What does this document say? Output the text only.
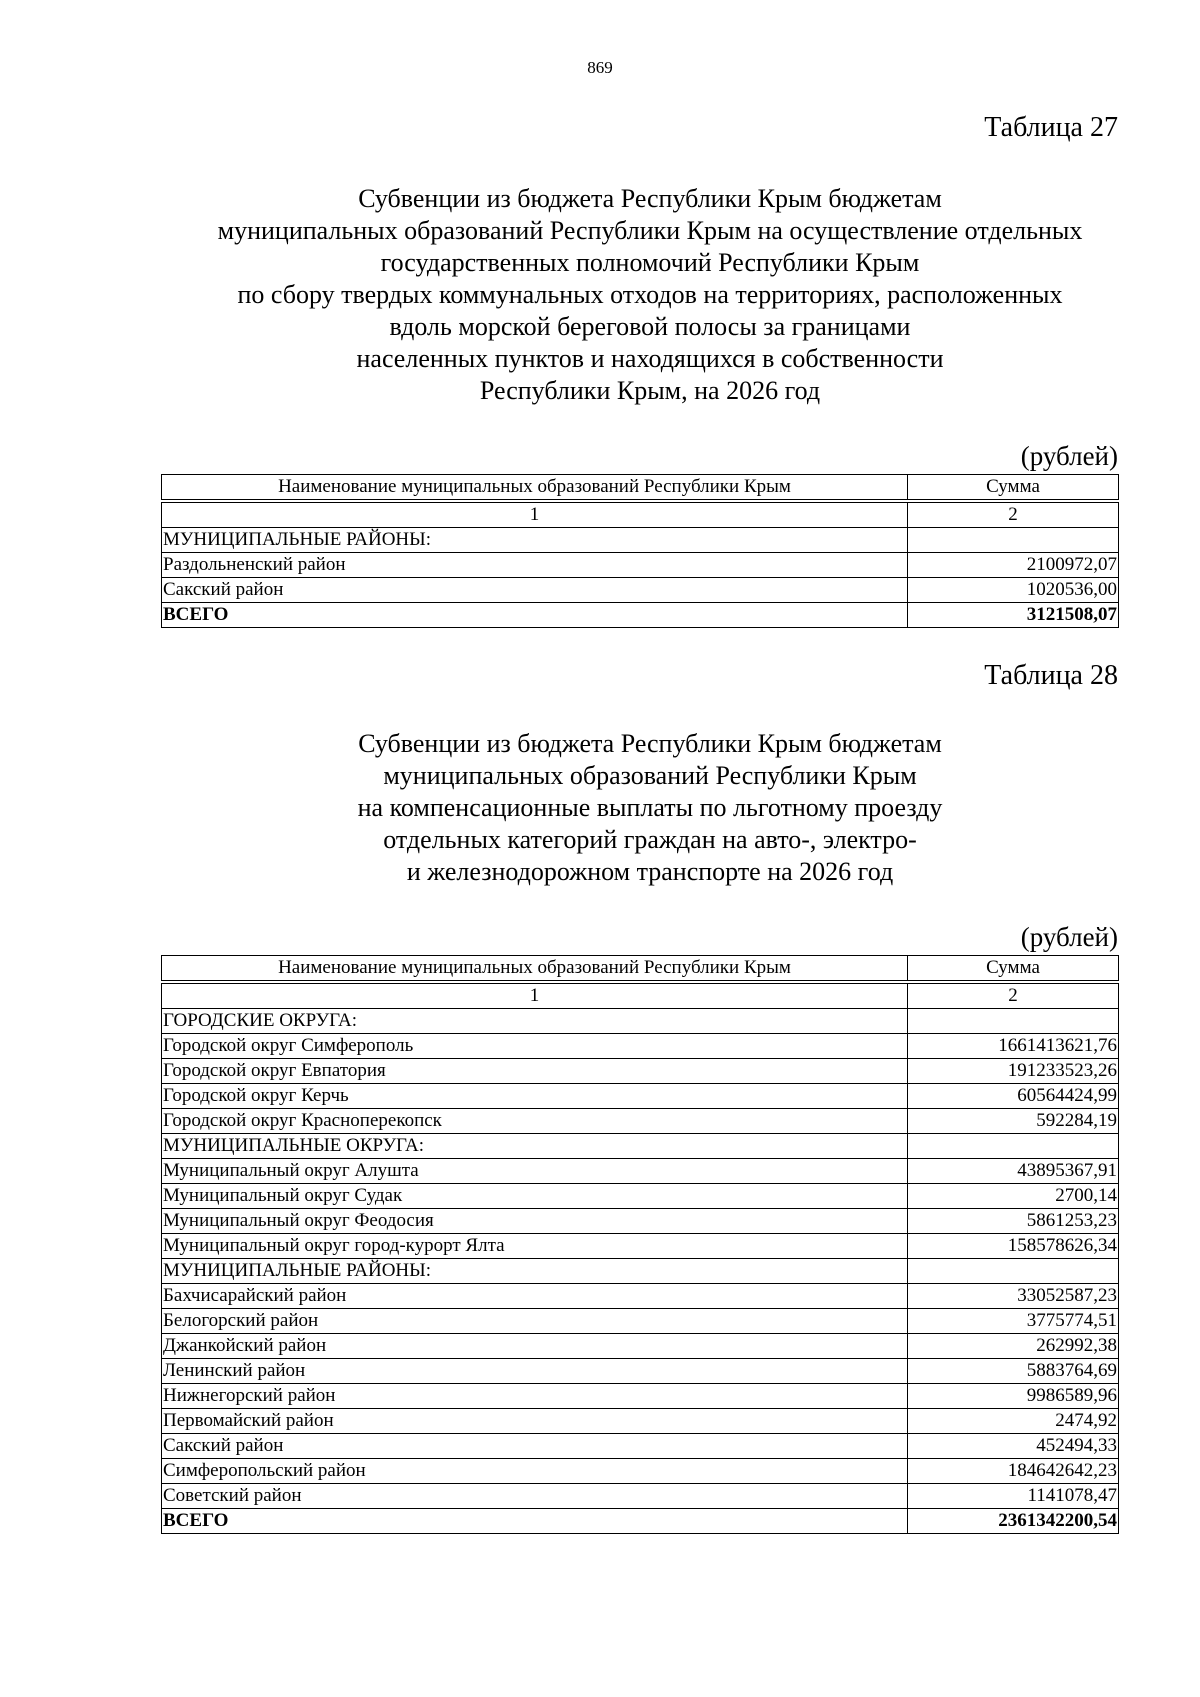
869
Таблица 27
Субвенции из бюджета Республики Крым бюджетам
муниципальных образований Республики Крым на осуществление отдельных
государственных полномочий Республики Крым
по сбору твердых коммунальных отходов на территориях, расположенных
вдоль морской береговой полосы за границами
населенных пунктов и находящихся в собственности
Республики Крым, на 2026 год
(рублей)
Наименование муниципальных образований Республики Крым	Сумма

1	2
МУНИЦИПАЛЬНЫЕ РАЙОНЫ:	
Раздольненский район	2100972,07
Сакский район	1020536,00
ВСЕГО	3121508,07
Таблица 28
Субвенции из бюджета Республики Крым бюджетам
муниципальных образований Республики Крым
на компенсационные выплаты по льготному проезду
отдельных категорий граждан на авто-, электро-
и железнодорожном транспорте на 2026 год
(рублей)
Наименование муниципальных образований Республики Крым	Сумма

1	2
ГОРОДСКИЕ ОКРУГА:	
Городской округ Симферополь	1661413621,76
Городской округ Евпатория	191233523,26
Городской округ Керчь	60564424,99
Городской округ Красноперекопск	592284,19
МУНИЦИПАЛЬНЫЕ ОКРУГА:	
Муниципальный округ Алушта	43895367,91
Муниципальный округ Судак	2700,14
Муниципальный округ Феодосия	5861253,23
Муниципальный округ город-курорт Ялта	158578626,34
МУНИЦИПАЛЬНЫЕ РАЙОНЫ:	
Бахчисарайский район	33052587,23
Белогорский район	3775774,51
Джанкойский район	262992,38
Ленинский район	5883764,69
Нижнегорский район	9986589,96
Первомайский район	2474,92
Сакский район	452494,33
Симферопольский район	184642642,23
Советский район	1141078,47
ВСЕГО	2361342200,54
